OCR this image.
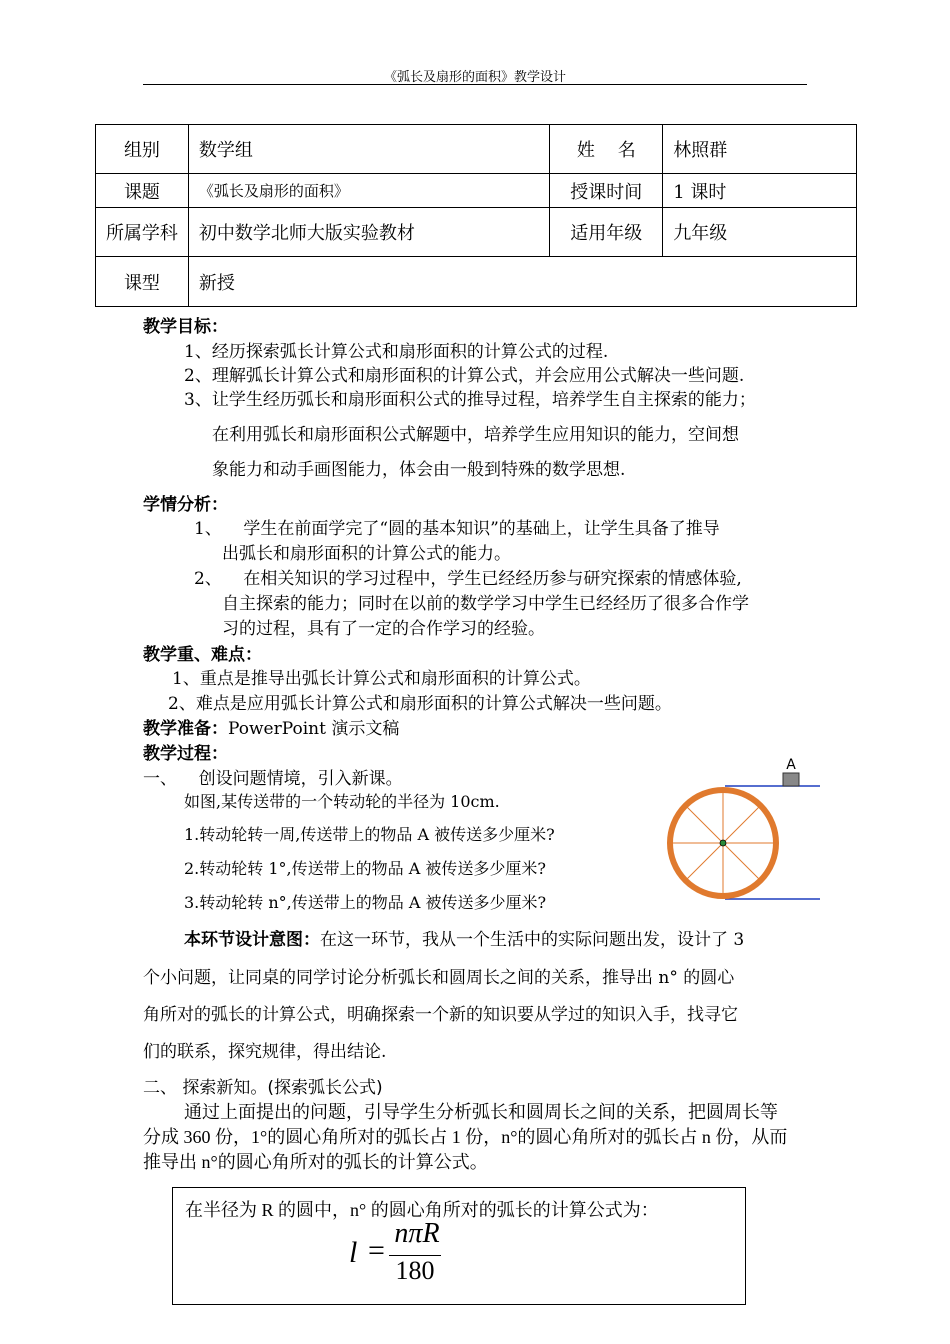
《弧长及扇形的面积》教学设计
组别	数学组	姓    名	林照群
课题	《弧长及扇形的面积》	授课时间	1 课时
所属学科	初中数学北师大版实验教材	适用年级	九年级
课型	新授		
教学目标：
1、经历探索弧长计算公式和扇形面积的计算公式的过程.
2、理解弧长计算公式和扇形面积的计算公式，并会应用公式解决一些问题.
3、让学生经历弧长和扇形面积公式的推导过程，培养学生自主探索的能力；
在利用弧长和扇形面积公式解题中，培养学生应用知识的能力，空间想
象能力和动手画图能力，体会由一般到特殊的数学思想.
学情分析：
1、    学生在前面学完了“圆的基本知识”的基础上，让学生具备了推导
出弧长和扇形面积的计算公式的能力。
2、    在相关知识的学习过程中，学生已经经历参与研究探索的情感体验,
自主探索的能力；同时在以前的数学学习中学生已经经历了很多合作学
习的过程，具有了一定的合作学习的经验。
教学重、难点：
1、重点是推导出弧长计算公式和扇形面积的计算公式。
2、难点是应用弧长计算公式和扇形面积的计算公式解决一些问题。
教学准备：PowerPoint 演示文稿
教学过程：
一、    创设问题情境，引入新课。
如图,某传送带的一个转动轮的半径为 10cm.
1.转动轮转一周,传送带上的物品 A 被传送多少厘米?
2.转动轮转 1°,传送带上的物品 A 被传送多少厘米?
3.转动轮转 n°,传送带上的物品 A 被传送多少厘米?
A
本环节设计意图：在这一环节，我从一个生活中的实际问题出发，设计了 3
个小问题，让同桌的同学讨论分析弧长和圆周长之间的关系，推导出 n° 的圆心
角所对的弧长的计算公式，明确探索一个新的知识要从学过的知识入手，找寻它
们的联系，探究规律，得出结论.
二、 探索新知。(探索弧长公式)
通过上面提出的问题，引导学生分析弧长和圆周长之间的关系，把圆周长等
分成 360 份，1°的圆心角所对的弧长占 1 份，n°的圆心角所对的弧长占 n 份，从而
推导出 n°的圆心角所对的弧长的计算公式。
在半径为 R 的圆中，n° 的圆心角所对的弧长的计算公式为：
l =
nπR
180
